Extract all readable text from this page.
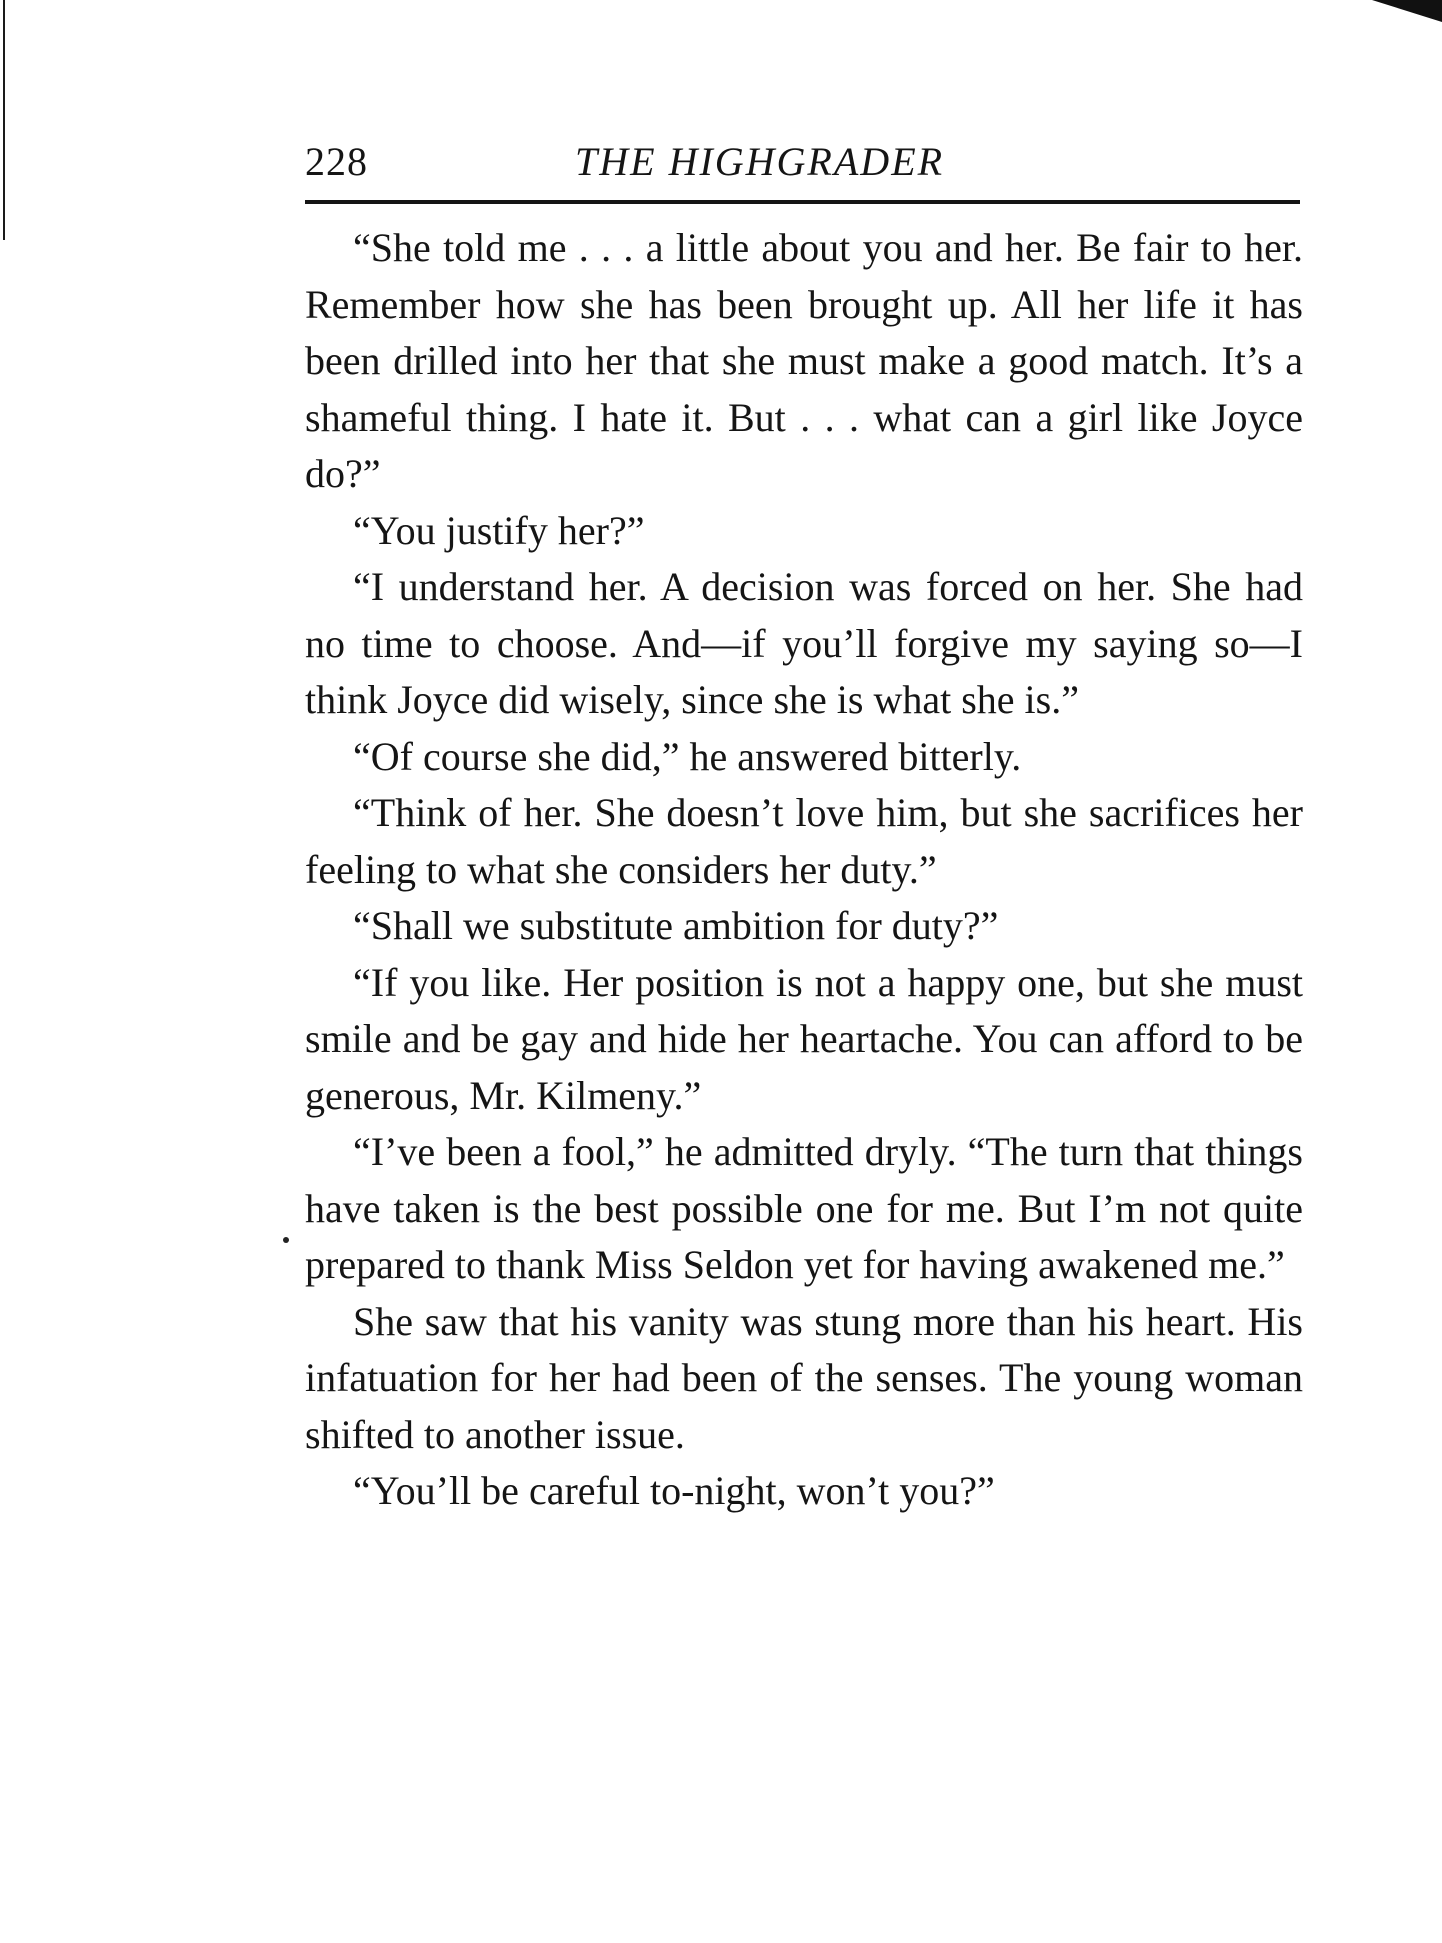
228	THE HIGHGRADER

“She told me . . . a little about you and her. Be fair to her. Remember how she has been brought up. All her life it has been drilled into her that she must make a good match. It’s a shameful thing. I hate it. But . . . what can a girl like Joyce do?”

“You justify her?”

“I understand her. A decision was forced on her. She had no time to choose. And—if you’ll forgive my saying so—I think Joyce did wisely, since she is what she is.”

“Of course she did,” he answered bitterly.

“Think of her. She doesn’t love him, but she sacrifices her feeling to what she considers her duty.”

“Shall we substitute ambition for duty?”

“If you like. Her position is not a happy one, but she must smile and be gay and hide her heartache. You can afford to be generous, Mr. Kilmeny.”

“I’ve been a fool,” he admitted dryly. “The turn that things have taken is the best possible one for me. But I’m not quite prepared to thank Miss Seldon yet for having awakened me.”

She saw that his vanity was stung more than his heart. His infatuation for her had been of the senses. The young woman shifted to another issue.

“You’ll be careful to-night, won’t you?”
